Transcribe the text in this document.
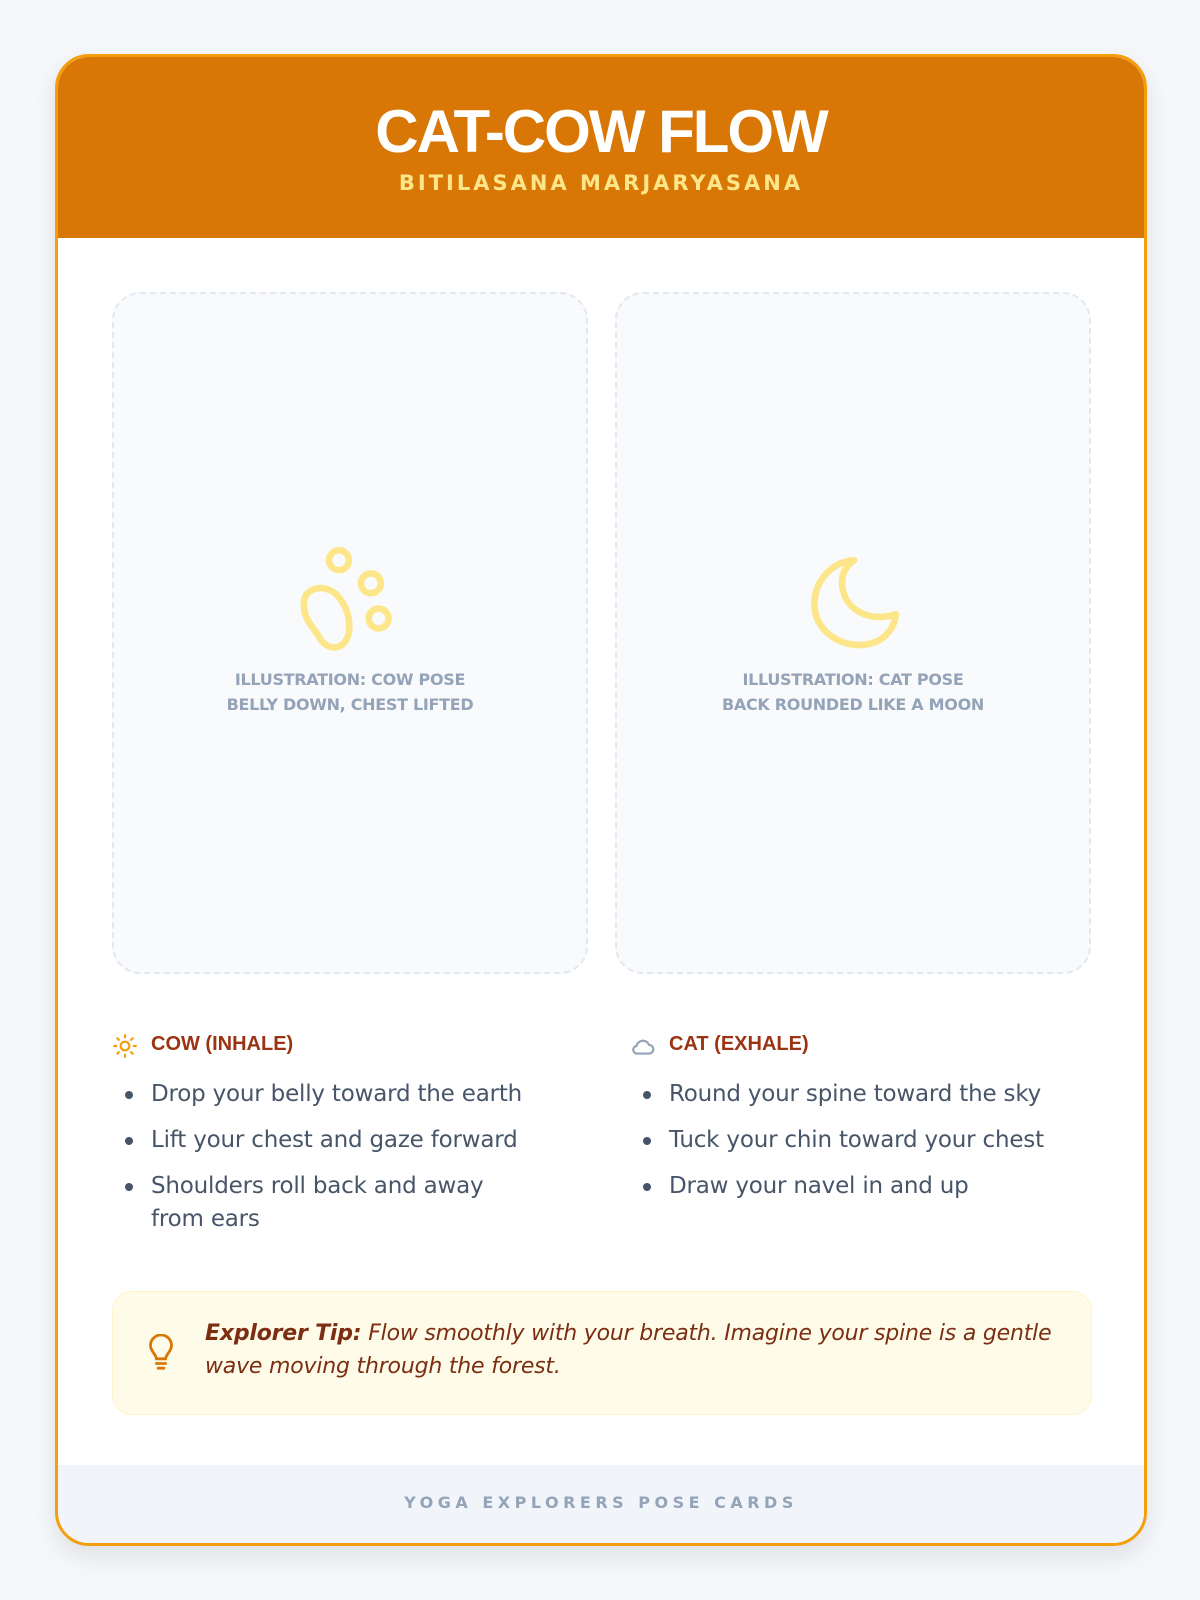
CAT-COW FLOW
BITILASANA MARJARYASANA
ILLUSTRATION: COW POSE
BELLY DOWN, CHEST LIFTED
ILLUSTRATION: CAT POSE
BACK ROUNDED LIKE A MOON
COW (INHALE)
Drop your belly toward the earth
Lift your chest and gaze forward
Shoulders roll back and away from ears
CAT (EXHALE)
Round your spine toward the sky
Tuck your chin toward your chest
Draw your navel in and up
Explorer Tip: Flow smoothly with your breath. Imagine your spine is a gentle wave moving through the forest.
YOGA EXPLORERS POSE CARDS
